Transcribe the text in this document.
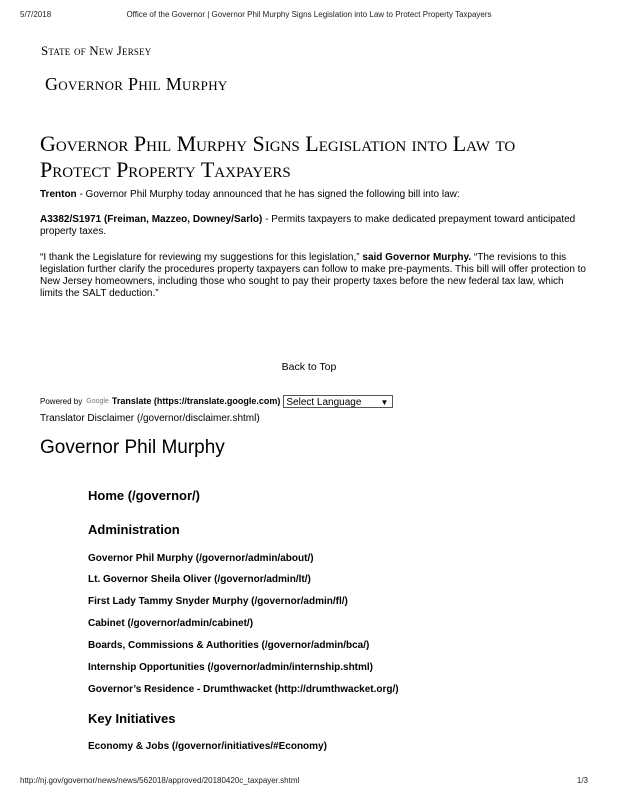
5/7/2018	Office of the Governor | Governor Phil Murphy Signs Legislation into Law to Protect Property Taxpayers
State of New Jersey
Governor Phil Murphy
Governor Phil Murphy Signs Legislation into Law to
Protect Property Taxpayers

Trenton - Governor Phil Murphy today announced that he has signed the following bill into law:

A3382/S1971 (Freiman, Mazzeo, Downey/Sarlo) - Permits taxpayers to make dedicated prepayment toward anticipated property taxes.

“I thank the Legislature for reviewing my suggestions for this legislation,” said Governor Murphy. “The revisions to this legislation further clarify the procedures property taxpayers can follow to make pre-payments. This bill will offer protection to New Jersey homeowners, including those who sought to pay their property taxes before the new federal tax law, which limits the SALT deduction.”

Back to Top
Powered by Google Translate (https://translate.google.com) Select Language ▼
Translator Disclaimer (/governor/disclaimer.shtml)
Governor Phil Murphy
Home (/governor/)
Administration
Governor Phil Murphy (/governor/admin/about/)
Lt. Governor Sheila Oliver (/governor/admin/lt/)
First Lady Tammy Snyder Murphy (/governor/admin/fl/)
Cabinet (/governor/admin/cabinet/)
Boards, Commissions & Authorities (/governor/admin/bca/)
Internship Opportunities (/governor/admin/internship.shtml)
Governor’s Residence - Drumthwacket (http://drumthwacket.org/)
Key Initiatives
Economy & Jobs (/governor/initiatives/#Economy)
http://nj.gov/governor/news/news/562018/approved/20180420c_taxpayer.shtml	1/3
